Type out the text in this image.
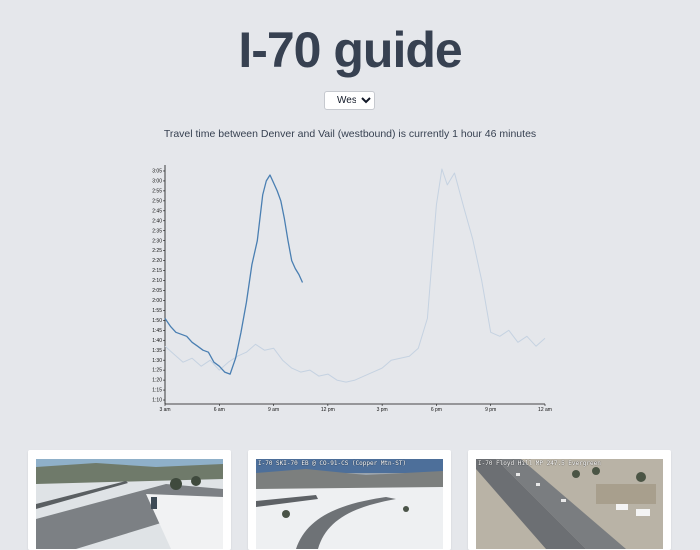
I-70 guide
West

Travel time between Denver and Vail (westbound) is currently 1 hour 46 minutes

1:10
1:15
1:20
1:25
1:30
1:35
1:40
1:45
1:50
1:55
2:00
2:05
2:10
2:15
2:20
2:25
2:30
2:35
2:40
2:45
2:50
2:55
3:00
3:05
3 am	6 am	9 am	12 pm	3 pm	6 pm	9 pm	12 am
I-70 SKI-70 EB @ CO-91-CS (Copper Mtn-ST)	I-70 Floyd Hill MP 247.5 Evergreen
